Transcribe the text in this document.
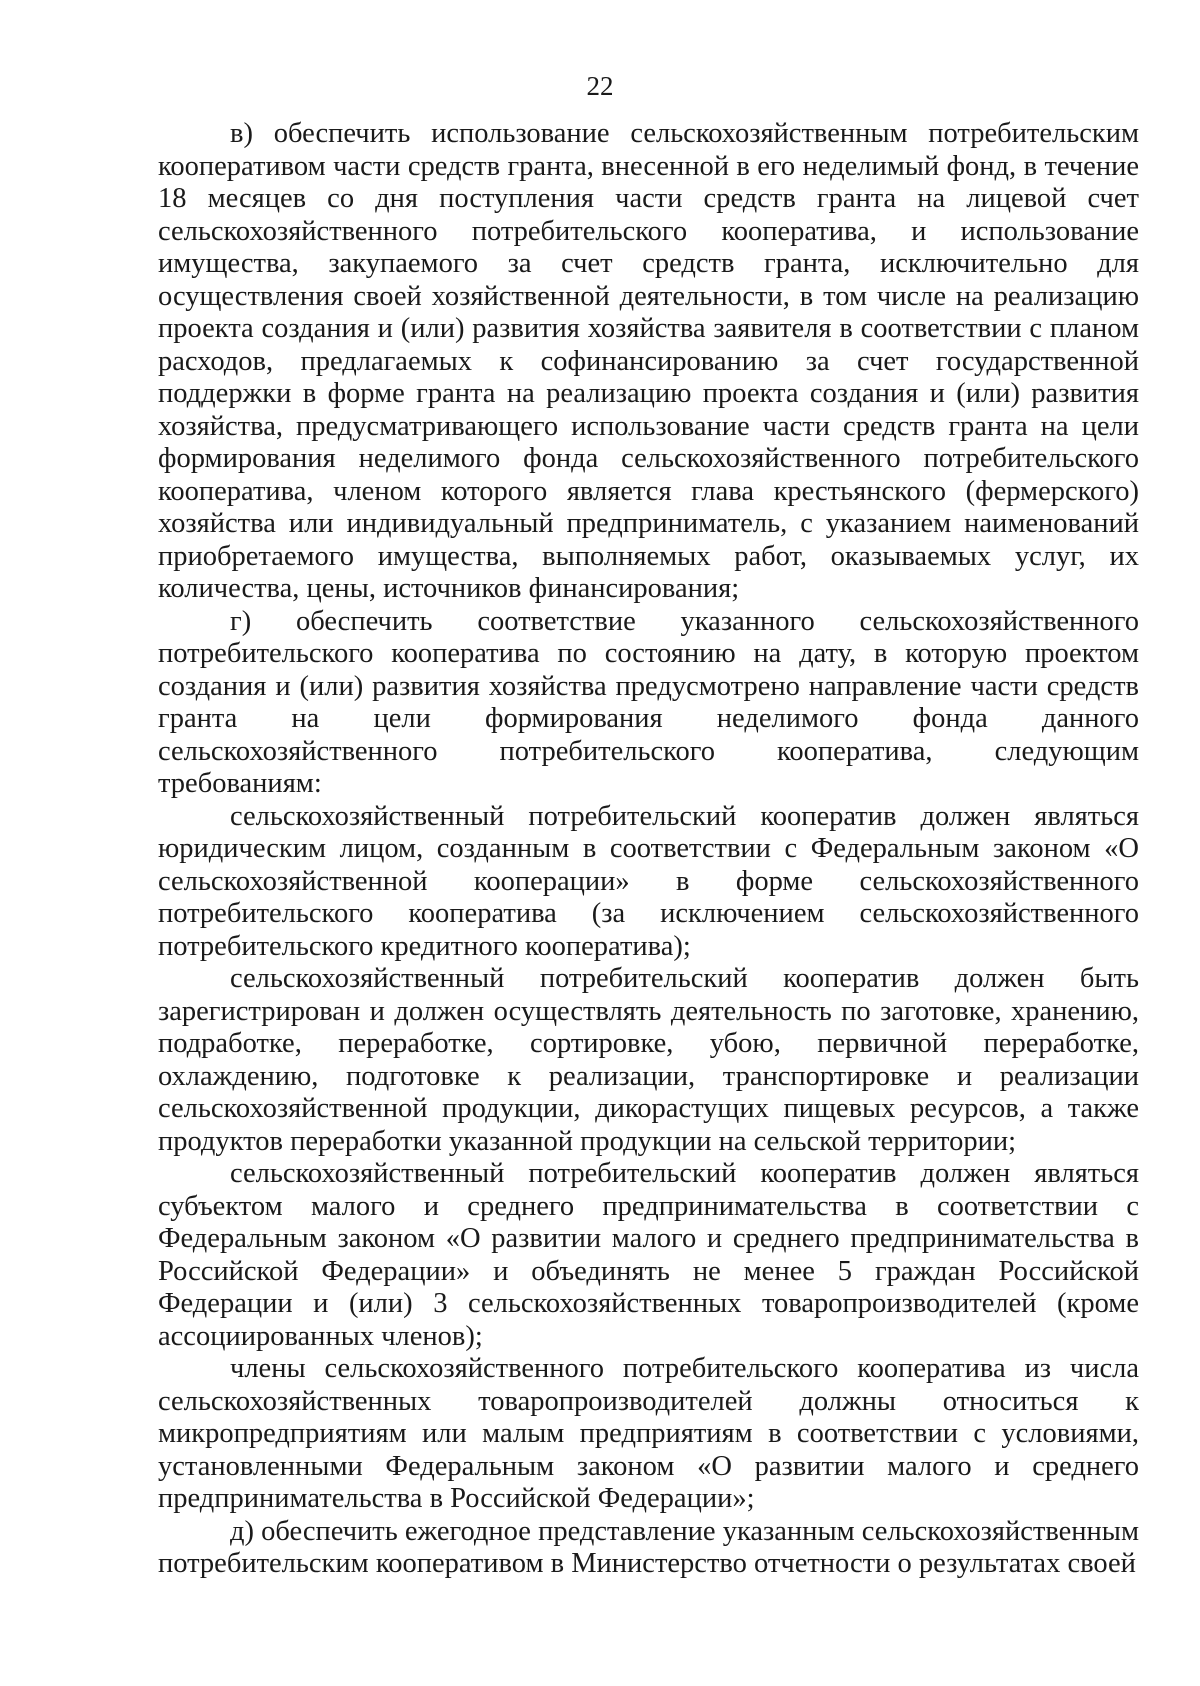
22

в) обеспечить использование сельскохозяйственным потребительским кооперативом части средств гранта, внесенной в его неделимый фонд, в течение 18 месяцев со дня поступления части средств гранта на лицевой счет сельскохозяйственного потребительского кооператива, и использование имущества, закупаемого за счет средств гранта, исключительно для осуществления своей хозяйственной деятельности, в том числе на реализацию проекта создания и (или) развития хозяйства заявителя в соответствии с планом расходов, предлагаемых к софинансированию за счет государственной поддержки в форме гранта на реализацию проекта создания и (или) развития хозяйства, предусматривающего использование части средств гранта на цели формирования неделимого фонда сельскохозяйственного потребительского кооператива, членом которого является глава крестьянского (фермерского) хозяйства или индивидуальный предприниматель, с указанием наименований приобретаемого имущества, выполняемых работ, оказываемых услуг, их количества, цены, источников финансирования;

г) обеспечить соответствие указанного сельскохозяйственного потребительского кооператива по состоянию на дату, в которую проектом создания и (или) развития хозяйства предусмотрено направление части средств гранта на цели формирования неделимого фонда данного сельскохозяйственного потребительского кооператива, следующим требованиям:

сельскохозяйственный потребительский кооператив должен являться юридическим лицом, созданным в соответствии с Федеральным законом «О сельскохозяйственной кооперации» в форме сельскохозяйственного потребительского кооператива (за исключением сельскохозяйственного потребительского кредитного кооператива);

сельскохозяйственный потребительский кооператив должен быть зарегистрирован и должен осуществлять деятельность по заготовке, хранению, подработке, переработке, сортировке, убою, первичной переработке, охлаждению, подготовке к реализации, транспортировке и реализации сельскохозяйственной продукции, дикорастущих пищевых ресурсов, а также продуктов переработки указанной продукции на сельской территории;

сельскохозяйственный потребительский кооператив должен являться субъектом малого и среднего предпринимательства в соответствии с Федеральным законом «О развитии малого и среднего предпринимательства в Российской Федерации» и объединять не менее 5 граждан Российской Федерации и (или) 3 сельскохозяйственных товаропроизводителей (кроме ассоциированных членов);

члены сельскохозяйственного потребительского кооператива из числа сельскохозяйственных товаропроизводителей должны относиться к микропредприятиям или малым предприятиям в соответствии с условиями, установленными Федеральным законом «О развитии малого и среднего предпринимательства в Российской Федерации»;

д) обеспечить ежегодное представление указанным сельскохозяйственным потребительским кооперативом в Министерство отчетности о результатах своей
